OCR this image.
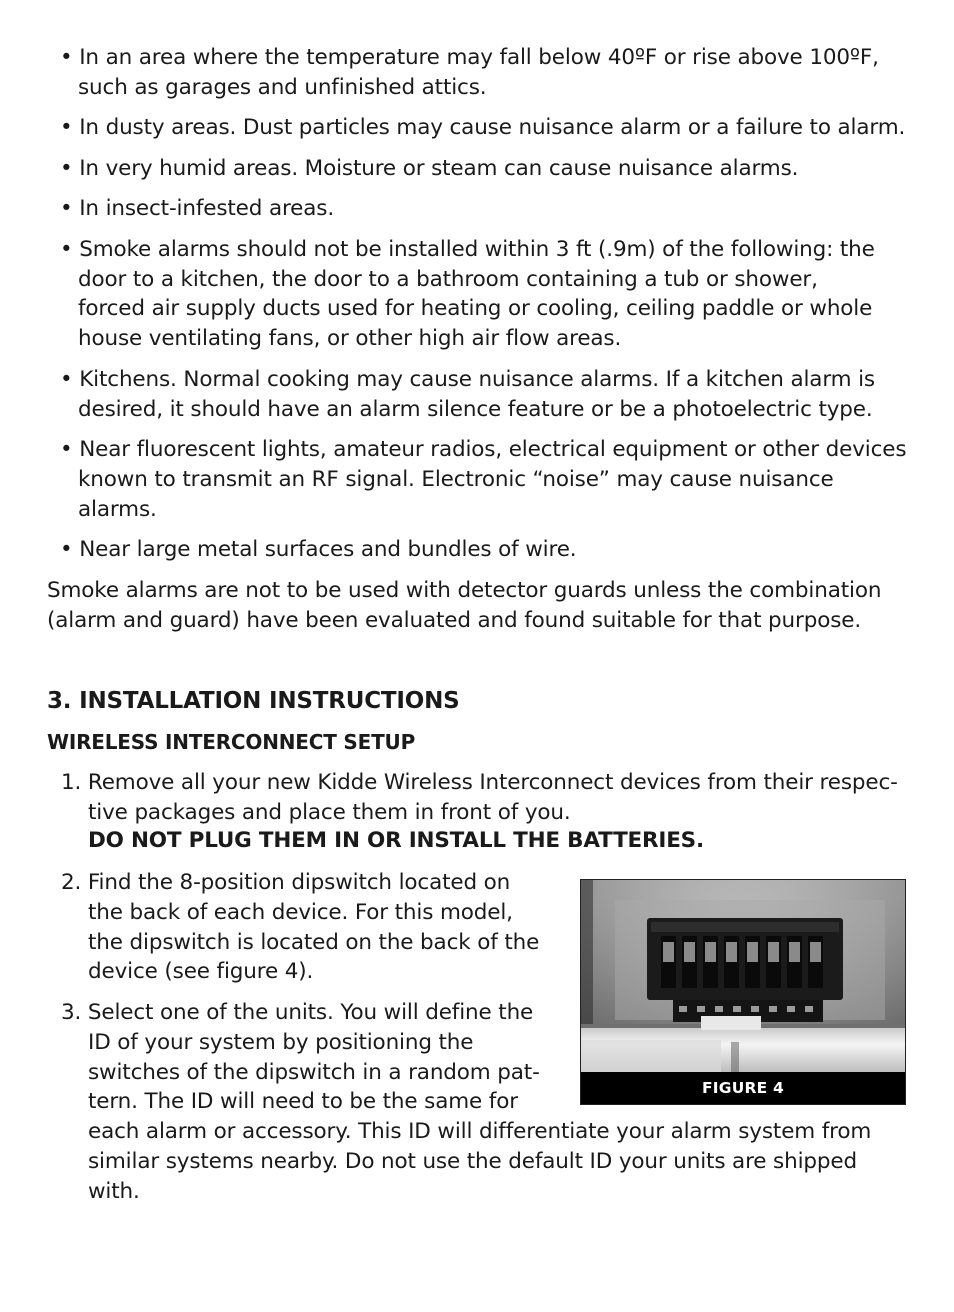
• In an area where the temperature may fall below 40ºF or rise above 100ºF,
such as garages and unfinished attics.
• In dusty areas. Dust particles may cause nuisance alarm or a failure to alarm.
• In very humid areas. Moisture or steam can cause nuisance alarms.
• In insect-infested areas.
• Smoke alarms should not be installed within 3 ft (.9m) of the following: the
door to a kitchen, the door to a bathroom containing a tub or shower,
forced air supply ducts used for heating or cooling, ceiling paddle or whole
house ventilating fans, or other high air flow areas.
• Kitchens. Normal cooking may cause nuisance alarms. If a kitchen alarm is
desired, it should have an alarm silence feature or be a photoelectric type.
• Near fluorescent lights, amateur radios, electrical equipment or other devices
known to transmit an RF signal. Electronic “noise” may cause nuisance
alarms.
• Near large metal surfaces and bundles of wire.
Smoke alarms are not to be used with detector guards unless the combination
(alarm and guard) have been evaluated and found suitable for that purpose.
3. INSTALLATION INSTRUCTIONS
WIRELESS INTERCONNECT SETUP
1. Remove all your new Kidde Wireless Interconnect devices from their respec-
tive packages and place them in front of you.
DO NOT PLUG THEM IN OR INSTALL THE BATTERIES.
2. Find the 8-position dipswitch located on
the back of each device. For this model,
the dipswitch is located on the back of the
device (see figure 4).
3. Select one of the units. You will define the
ID of your system by positioning the
switches of the dipswitch in a random pat-
tern. The ID will need to be the same for
each alarm or accessory. This ID will differentiate your alarm system from
similar systems nearby. Do not use the default ID your units are shipped
with.
FIGURE 4
